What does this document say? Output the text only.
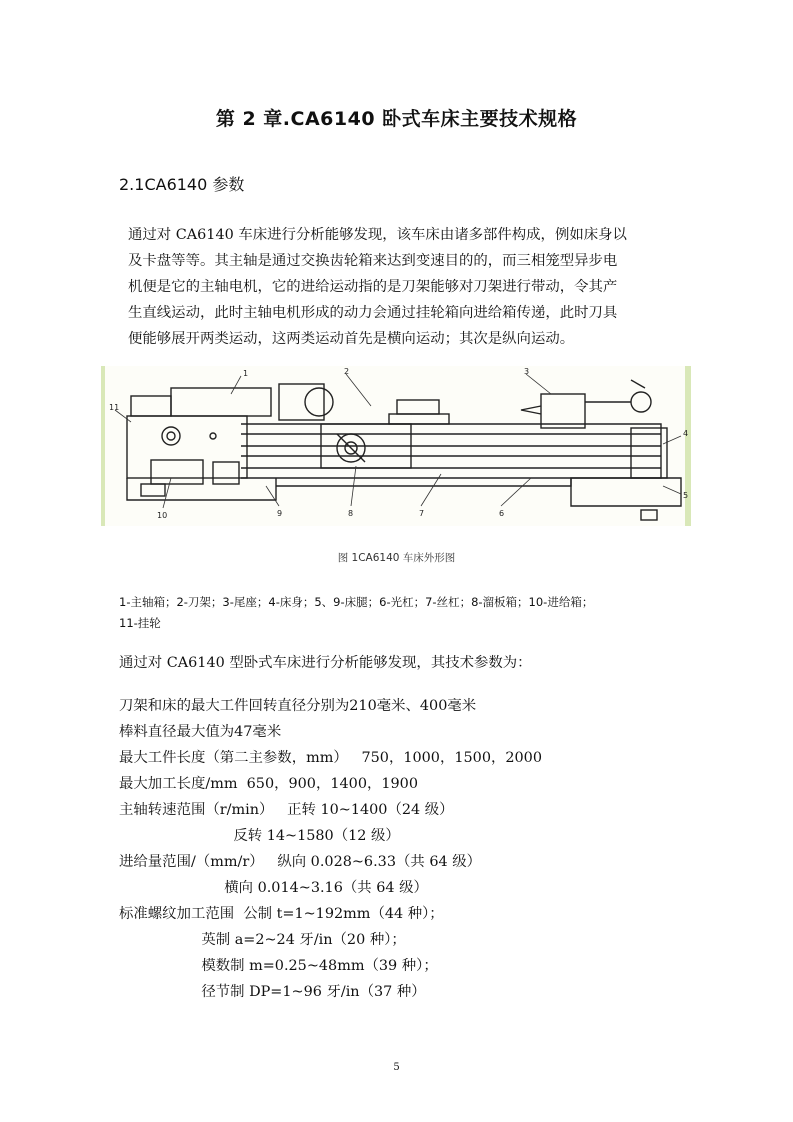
第 2 章.CA6140 卧式车床主要技术规格
2.1CA6140 参数
通过对 CA6140 车床进行分析能够发现，该车床由诸多部件构成，例如床身以
及卡盘等等。其主轴是通过交换齿轮箱来达到变速目的的，而三相笼型异步电
机便是它的主轴电机，它的进给运动指的是刀架能够对刀架进行带动，令其产
生直线运动，此时主轴电机形成的动力会通过挂轮箱向进给箱传递，此时刀具
便能够展开两类运动，这两类运动首先是横向运动；其次是纵向运动。
1	2	3
4
5
6
7
8
9
10
11
图 1CA6140 车床外形图
1-主轴箱；2-刀架；3-尾座；4-床身；5、9-床腿；6-光杠；7-丝杠；8-溜板箱；10-进给箱；
11-挂轮
通过对 CA6140 型卧式车床进行分析能够发现，其技术参数为：
刀架和床的最大工件回转直径分别为210毫米、400毫米
棒料直径最大值为47毫米
最大工件长度（第二主参数，mm）   750，1000，1500，2000
最大加工长度/mm  650，900，1400，1900
主轴转速范围（r/min）   正转 10~1400（24 级）
反转 14~1580（12 级）
进给量范围/（mm/r）   纵向 0.028~6.33（共 64 级）
横向 0.014~3.16（共 64 级）
标准螺纹加工范围  公制 t=1~192mm（44 种）；
英制 a=2~24 牙/in（20 种）；
模数制 m=0.25~48mm（39 种）；
径节制 DP=1~96 牙/in（37 种）
5
